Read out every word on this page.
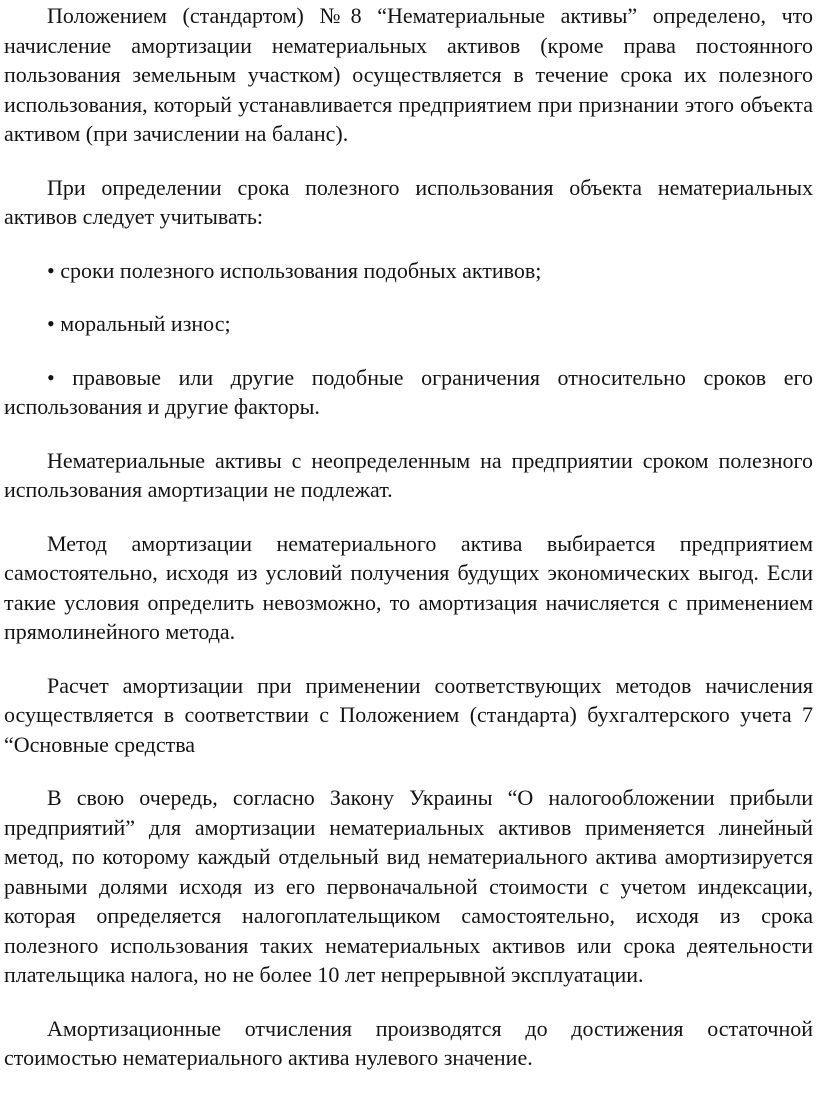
Положением (стандартом) №8 “Нематериальные активы” определено, что начисление амортизации нематериальных активов (кроме права постоянного пользования земельным участком) осуществляется в течение срока их полезного использования, который устанавливается предприятием при признании этого объекта активом (при зачислении на баланс).

При определении срока полезного использования объекта нематериальных активов следует учитывать:

• сроки полезного использования подобных активов;

• моральный износ;

• правовые или другие подобные ограничения относительно сроков его использования и другие факторы.

Нематериальные активы с неопределенным на предприятии сроком полезного использования амортизации не подлежат.

Метод амортизации нематериального актива выбирается предприятием самостоятельно, исходя из условий получения будущих экономических выгод. Если такие условия определить невозможно, то амортизация начисляется с применением прямолинейного метода.

Расчет амортизации при применении соответствующих методов начисления осуществляется в соответствии с Положением (стандарта) бухгалтерского учета 7 “Основные средства

В свою очередь, согласно Закону Украины “О налогообложении прибыли предприятий” для амортизации нематериальных активов применяется линейный метод, по которому каждый отдельный вид нематериального актива амортизируется равными долями исходя из его первоначальной стоимости с учетом индексации, которая определяется налогоплательщиком самостоятельно, исходя из срока полезного использования таких нематериальных активов или срока деятельности плательщика налога, но не более 10 лет непрерывной эксплуатации.

Амортизационные отчисления производятся до достижения остаточной стоимостью нематериального актива нулевого значение.
